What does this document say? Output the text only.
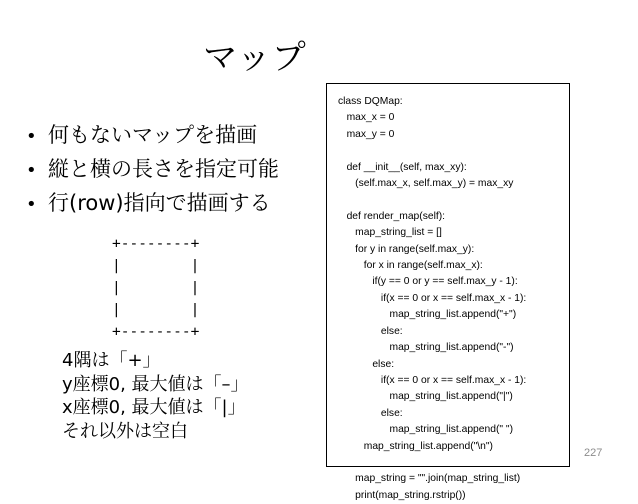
マップ
• 何もないマップを描画
• 縦と横の長さを指定可能
• 行(row)指向で描画する
+--------+
|        |
|        |
|        |
+--------+
4隅は「+」
y座標0, 最大値は「–」
x座標0, 最大値は「|」
それ以外は空白
class DQMap:
max_x = 0
max_y = 0

def __init__(self, max_xy):
(self.max_x, self.max_y) = max_xy

def render_map(self):
map_string_list = []
for y in range(self.max_y):
for x in range(self.max_x):
if(y == 0 or y == self.max_y - 1):
if(x == 0 or x == self.max_x - 1):
map_string_list.append("+")
else:
map_string_list.append("-")
else:
if(x == 0 or x == self.max_x - 1):
map_string_list.append("|")
else:
map_string_list.append(" ")
map_string_list.append("\n")

map_string = "".join(map_string_list)
print(map_string.rstrip())
227
